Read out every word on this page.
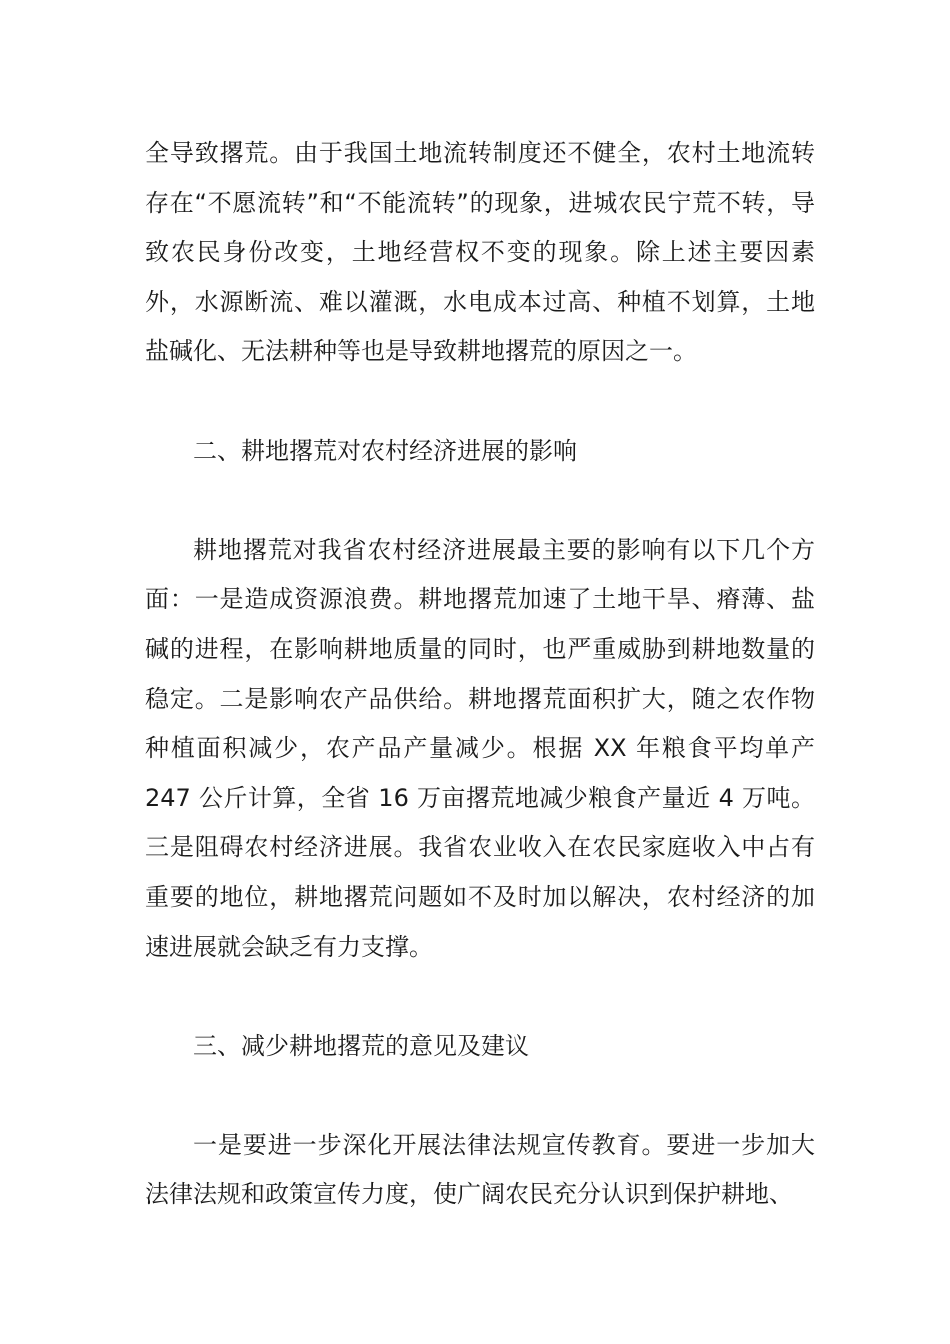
全导致撂荒。由于我国土地流转制度还不健全，农村土地流转存在“不愿流转”和“不能流转”的现象，进城农民宁荒不转，导致农民身份改变，土地经营权不变的现象。除上述主要因素外，水源断流、难以灌溉，水电成本过高、种植不划算，土地盐碱化、无法耕种等也是导致耕地撂荒的原因之一。

二、耕地撂荒对农村经济进展的影响

耕地撂荒对我省农村经济进展最主要的影响有以下几个方面：一是造成资源浪费。耕地撂荒加速了土地干旱、瘠薄、盐碱的进程，在影响耕地质量的同时，也严重威胁到耕地数量的稳定。二是影响农产品供给。耕地撂荒面积扩大，随之农作物种植面积减少，农产品产量减少。根据 XX 年粮食平均单产 247 公斤计算，全省 16 万亩撂荒地减少粮食产量近 4 万吨。三是阻碍农村经济进展。我省农业收入在农民家庭收入中占有重要的地位，耕地撂荒问题如不及时加以解决，农村经济的加速进展就会缺乏有力支撑。

三、减少耕地撂荒的意见及建议

一是要进一步深化开展法律法规宣传教育。要进一步加大法律法规和政策宣传力度，使广阔农民充分认识到保护耕地、
